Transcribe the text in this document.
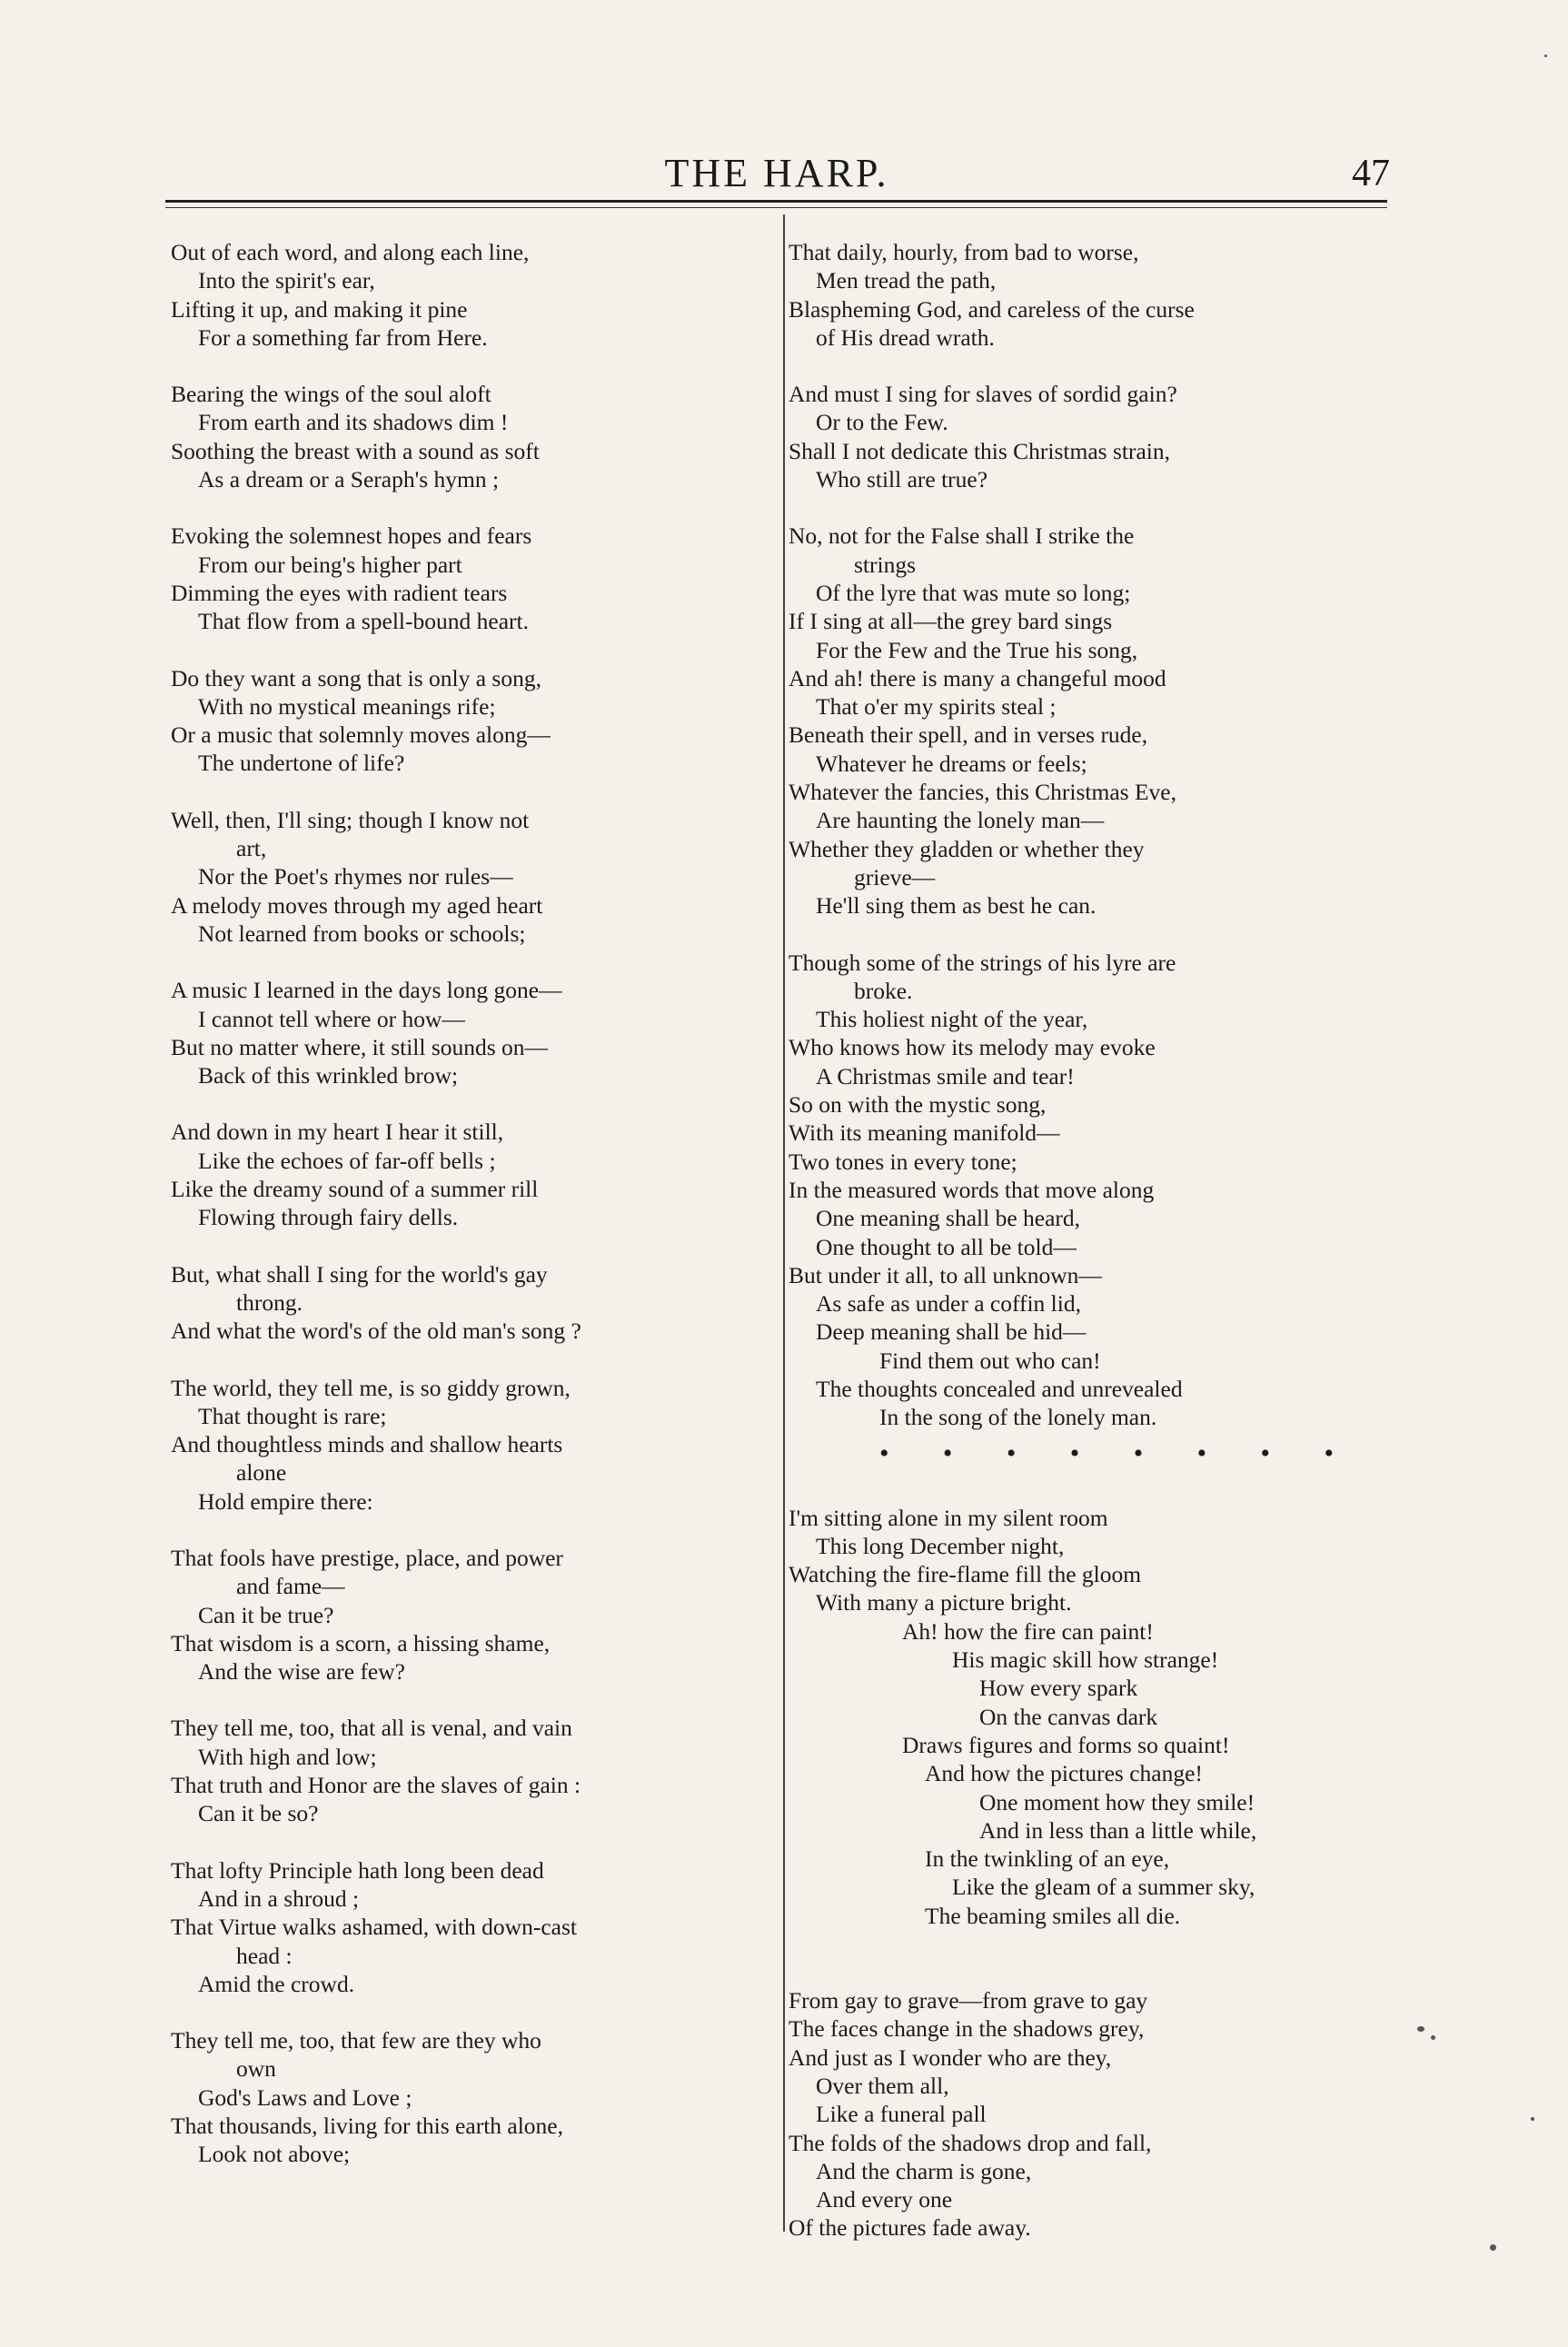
THE HARP.	47
Out of each word, and along each line,
Into the spirit's ear,
Lifting it up, and making it pine
For a something far from Here.
Bearing the wings of the soul aloft
From earth and its shadows dim !
Soothing the breast with a sound as soft
As a dream or a Seraph's hymn ;
Evoking the solemnest hopes and fears
From our being's higher part
Dimming the eyes with radient tears
That flow from a spell-bound heart.
Do they want a song that is only a song,
With no mystical meanings rife;
Or a music that solemnly moves along—
The undertone of life?
Well, then, I'll sing; though I know not
art,
Nor the Poet's rhymes nor rules—
A melody moves through my aged heart
Not learned from books or schools;
A music I learned in the days long gone—
I cannot tell where or how—
But no matter where, it still sounds on—
Back of this wrinkled brow;
And down in my heart I hear it still,
Like the echoes of far-off bells ;
Like the dreamy sound of a summer rill
Flowing through fairy dells.
But, what shall I sing for the world's gay
throng.
And what the word's of the old man's song ?
The world, they tell me, is so giddy grown,
That thought is rare;
And thoughtless minds and shallow hearts
alone
Hold empire there:
That fools have prestige, place, and power
and fame—
Can it be true?
That wisdom is a scorn, a hissing shame,
And the wise are few?
They tell me, too, that all is venal, and vain
With high and low;
That truth and Honor are the slaves of gain :
Can it be so?
That lofty Principle hath long been dead
And in a shroud ;
That Virtue walks ashamed, with down-cast
head :
Amid the crowd.
They tell me, too, that few are they who
own
God's Laws and Love ;
That thousands, living for this earth alone,
Look not above;
That daily, hourly, from bad to worse,
Men tread the path,
Blaspheming God, and careless of the curse
of His dread wrath.
And must I sing for slaves of sordid gain?
Or to the Few.
Shall I not dedicate this Christmas strain,
Who still are true?
No, not for the False shall I strike the
strings
Of the lyre that was mute so long;
If I sing at all—the grey bard sings
For the Few and the True his song,
And ah! there is many a changeful mood
That o'er my spirits steal ;
Beneath their spell, and in verses rude,
Whatever he dreams or feels;
Whatever the fancies, this Christmas Eve,
Are haunting the lonely man—
Whether they gladden or whether they
grieve—
He'll sing them as best he can.
Though some of the strings of his lyre are
broke.
This holiest night of the year,
Who knows how its melody may evoke
A Christmas smile and tear!
So on with the mystic song,
With its meaning manifold—
Two tones in every tone;
In the measured words that move along
One meaning shall be heard,
One thought to all be told—
But under it all, to all unknown—
As safe as under a coffin lid,
Deep meaning shall be hid—
Find them out who can!
The thoughts concealed and unrevealed
In the song of the lonely man.
• • • • • • • •
I'm sitting alone in my silent room
This long December night,
Watching the fire-flame fill the gloom
With many a picture bright.
Ah! how the fire can paint!
His magic skill how strange!
How every spark
On the canvas dark
Draws figures and forms so quaint!
And how the pictures change!
One moment how they smile!
And in less than a little while,
In the twinkling of an eye,
Like the gleam of a summer sky,
The beaming smiles all die.
From gay to grave—from grave to gay
The faces change in the shadows grey,
And just as I wonder who are they,
Over them all,
Like a funeral pall
The folds of the shadows drop and fall,
And the charm is gone,
And every one
Of the pictures fade away.
